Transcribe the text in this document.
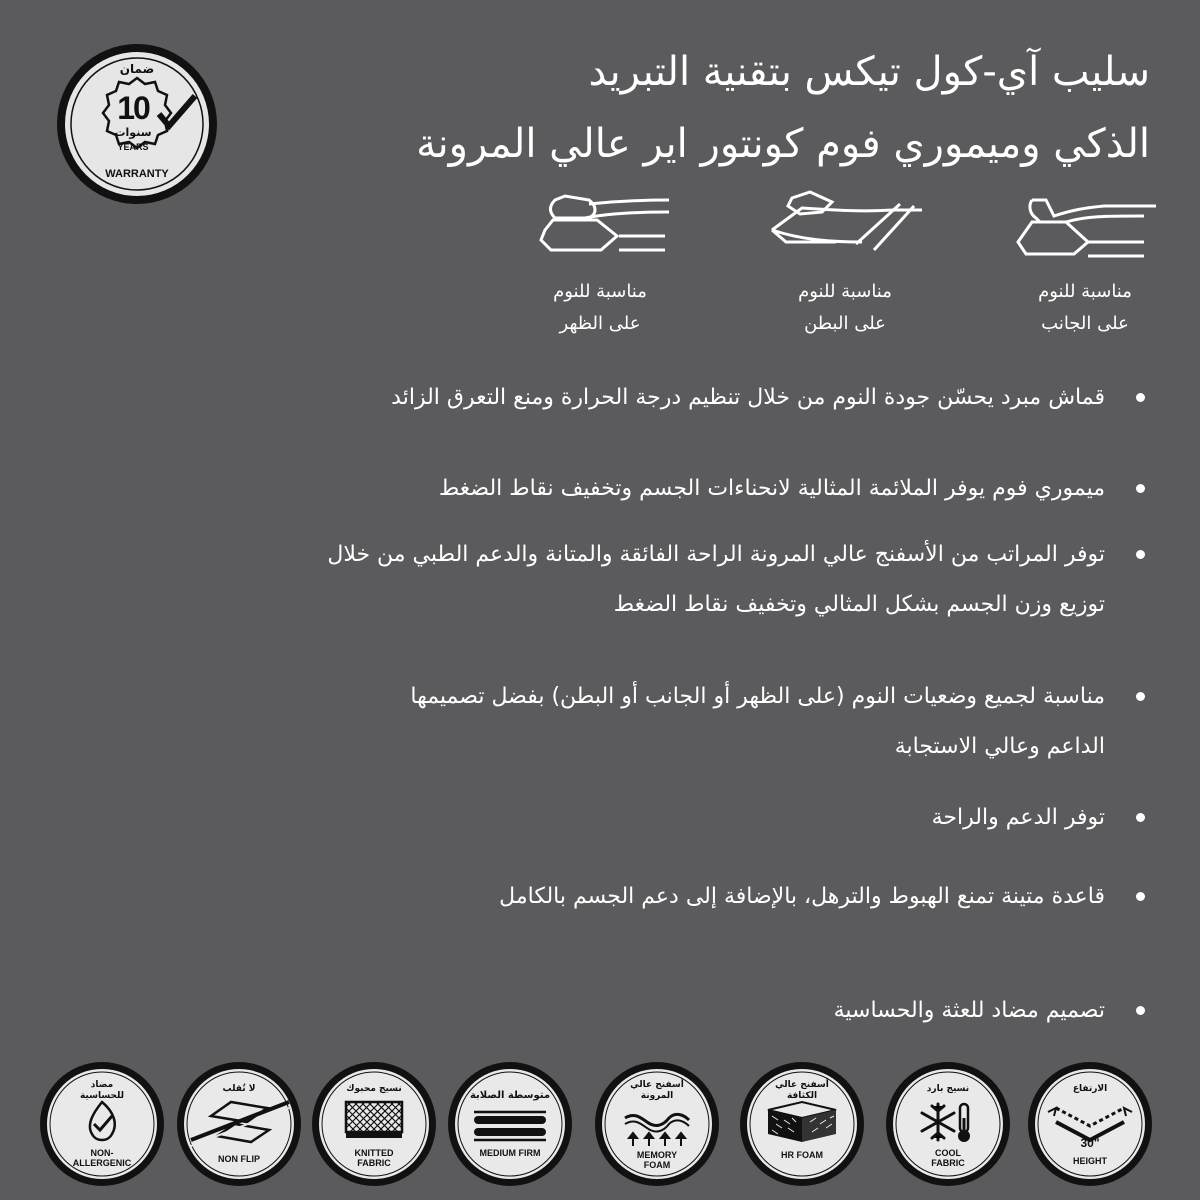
سليب آي-كول تيكس بتقنية التبريد
الذكي وميموري فوم كونتور اير عالي المرونة
ضمان
10
سنوات
YEARS
WARRANTY
مناسبة للنوم
على الجانب
مناسبة للنوم
على البطن
مناسبة للنوم
على الظهر
قماش مبرد يحسّن جودة النوم من خلال تنظيم درجة الحرارة ومنع التعرق الزائد
ميموري فوم يوفر الملائمة المثالية لانحناءات الجسم وتخفيف نقاط الضغط
توفر المراتب من الأسفنج عالي المرونة الراحة الفائقة والمتانة والدعم الطبي من خلال
توزيع وزن الجسم بشكل المثالي وتخفيف نقاط الضغط
مناسبة لجميع وضعيات النوم (على الظهر أو الجانب أو البطن) بفضل تصميمها
الداعم وعالي الاستجابة
توفر الدعم والراحة
قاعدة متينة تمنع الهبوط والترهل، بالإضافة إلى دعم الجسم بالكامل
تصميم مضاد للعثة والحساسية
مضاد للحساسية
NON-
ALLERGENIC
لا تُقلب
NON FLIP
نسيج محبوك
KNITTED
FABRIC
متوسطة الصلابة
MEDIUM FIRM
أسفنج عالي المرونة
MEMORY
FOAM
أسفنج عالي الكثافة
HR FOAM
نسيج بارد
COOL
FABRIC
الارتفاع
30"
HEIGHT
